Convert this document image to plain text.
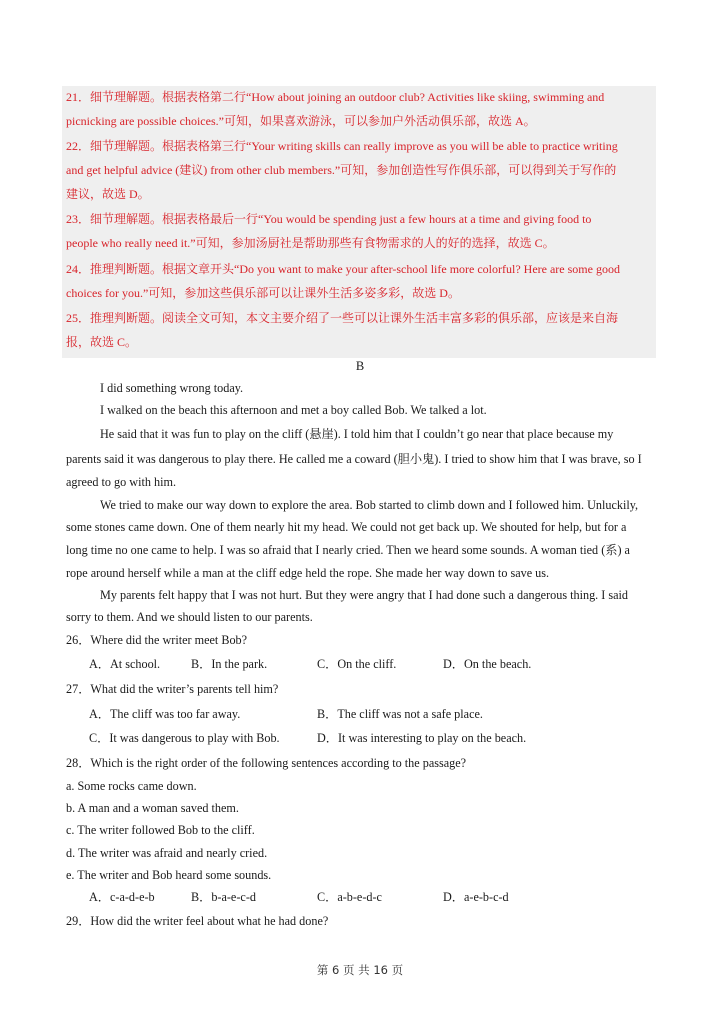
21．细节理解题。根据表格第二行“How about joining an outdoor club? Activities like skiing, swimming and
picnicking are possible choices.”可知，如果喜欢游泳，可以参加户外活动俱乐部，故选 A。
22．细节理解题。根据表格第三行“Your writing skills can really improve as you will be able to practice writing
and get helpful advice (建议) from other club members.”可知，参加创造性写作俱乐部，可以得到关于写作的
建议，故选 D。
23．细节理解题。根据表格最后一行“You would be spending just a few hours at a time and giving food to
people who really need it.”可知，参加汤厨社是帮助那些有食物需求的人的好的选择，故选 C。
24．推理判断题。根据文章开头“Do you want to make your after-school life more colorful? Here are some good
choices for you.”可知，参加这些俱乐部可以让课外生活多姿多彩，故选 D。
25．推理判断题。阅读全文可知，本文主要介绍了一些可以让课外生活丰富多彩的俱乐部，应该是来自海
报，故选 C。
B
I did something wrong today.
I walked on the beach this afternoon and met a boy called Bob. We talked a lot.
He said that it was fun to play on the cliff (悬崖). I told him that I couldn’t go near that place because my
parents said it was dangerous to play there. He called me a coward (胆小鬼). I tried to show him that I was brave, so I
agreed to go with him.
We tried to make our way down to explore the area. Bob started to climb down and I followed him. Unluckily,
some stones came down. One of them nearly hit my head. We could not get back up. We shouted for help, but for a
long time no one came to help. I was so afraid that I nearly cried. Then we heard some sounds. A woman tied (系) a
rope around herself while a man at the cliff edge held the rope. She made her way down to save us.
My parents felt happy that I was not hurt. But they were angry that I had done such a dangerous thing. I said
sorry to them. And we should listen to our parents.
26．Where did the writer meet Bob?
A．At school.	B．In the park.	C．On the cliff.	D．On the beach.
27．What did the writer’s parents tell him?
A．The cliff was too far away.	B．The cliff was not a safe place.
C．It was dangerous to play with Bob.	D．It was interesting to play on the beach.
28．Which is the right order of the following sentences according to the passage?
a. Some rocks came down.
b. A man and a woman saved them.
c. The writer followed Bob to the cliff.
d. The writer was afraid and nearly cried.
e. The writer and Bob heard some sounds.
A．c-a-d-e-b	B．b-a-e-c-d	C．a-b-e-d-c	D．a-e-b-c-d
29．How did the writer feel about what he had done?
第 6 页 共 16 页
